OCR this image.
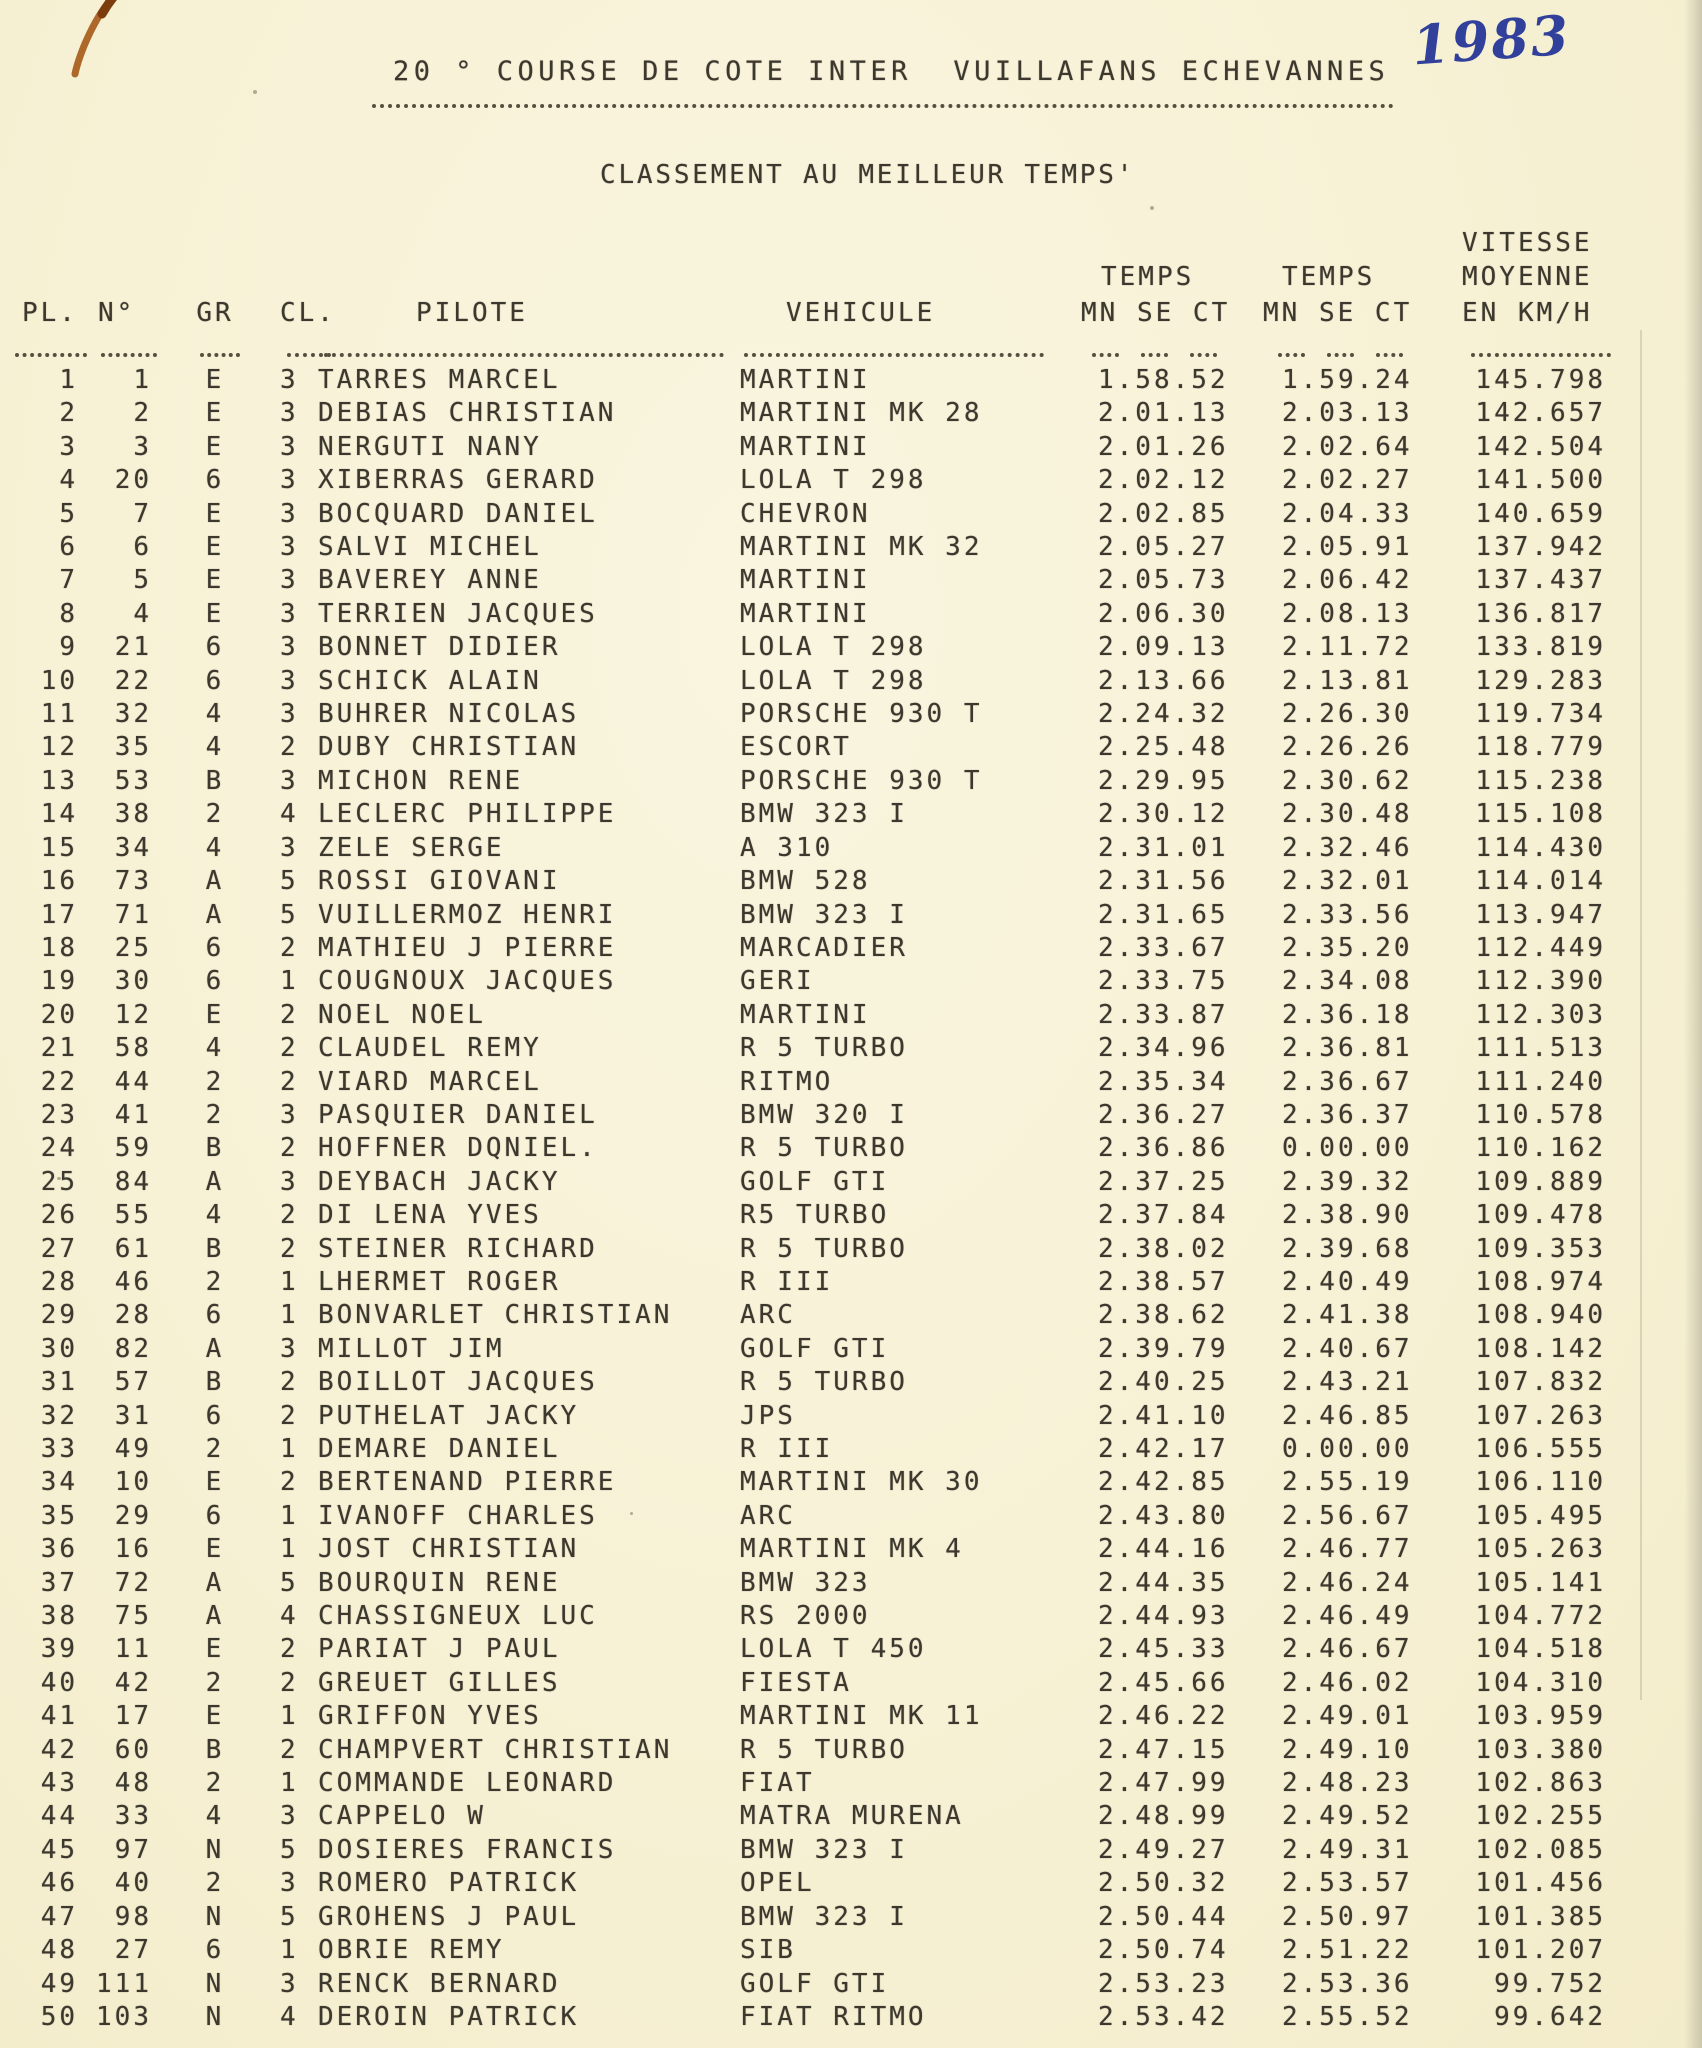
1983
20 ° COURSE DE COTE INTER  VUILLAFANS ECHEVANNES
CLASSEMENT AU MEILLEUR TEMPS'
								VITESSE
						TEMPS	TEMPS	MOYENNE
PL.	N°	GR	CL.	PILOTE	VEHICULE	MN SE CT	MN SE CT	EN KM/H

1	1	E	3	TARRES MARCEL	MARTINI	1.58.52	1.59.24	145.798
2	2	E	3	DEBIAS CHRISTIAN	MARTINI MK 28	2.01.13	2.03.13	142.657
3	3	E	3	NERGUTI NANY	MARTINI	2.01.26	2.02.64	142.504
4	20	6	3	XIBERRAS GERARD	LOLA T 298	2.02.12	2.02.27	141.500
5	7	E	3	BOCQUARD DANIEL	CHEVRON	2.02.85	2.04.33	140.659
6	6	E	3	SALVI MICHEL	MARTINI MK 32	2.05.27	2.05.91	137.942
7	5	E	3	BAVEREY ANNE	MARTINI	2.05.73	2.06.42	137.437
8	4	E	3	TERRIEN JACQUES	MARTINI	2.06.30	2.08.13	136.817
9	21	6	3	BONNET DIDIER	LOLA T 298	2.09.13	2.11.72	133.819
10	22	6	3	SCHICK ALAIN	LOLA T 298	2.13.66	2.13.81	129.283
11	32	4	3	BUHRER NICOLAS	PORSCHE 930 T	2.24.32	2.26.30	119.734
12	35	4	2	DUBY CHRISTIAN	ESCORT	2.25.48	2.26.26	118.779
13	53	B	3	MICHON RENE	PORSCHE 930 T	2.29.95	2.30.62	115.238
14	38	2	4	LECLERC PHILIPPE	BMW 323 I	2.30.12	2.30.48	115.108
15	34	4	3	ZELE SERGE	A 310	2.31.01	2.32.46	114.430
16	73	A	5	ROSSI GIOVANI	BMW 528	2.31.56	2.32.01	114.014
17	71	A	5	VUILLERMOZ HENRI	BMW 323 I	2.31.65	2.33.56	113.947
18	25	6	2	MATHIEU J PIERRE	MARCADIER	2.33.67	2.35.20	112.449
19	30	6	1	COUGNOUX JACQUES	GERI	2.33.75	2.34.08	112.390
20	12	E	2	NOEL NOEL	MARTINI	2.33.87	2.36.18	112.303
21	58	4	2	CLAUDEL REMY	R 5 TURBO	2.34.96	2.36.81	111.513
22	44	2	2	VIARD MARCEL	RITMO	2.35.34	2.36.67	111.240
23	41	2	3	PASQUIER DANIEL	BMW 320 I	2.36.27	2.36.37	110.578
24	59	B	2	HOFFNER DQNIEL.	R 5 TURBO	2.36.86	0.00.00	110.162
25	84	A	3	DEYBACH JACKY	GOLF GTI	2.37.25	2.39.32	109.889
26	55	4	2	DI LENA YVES	R5 TURBO	2.37.84	2.38.90	109.478
27	61	B	2	STEINER RICHARD	R 5 TURBO	2.38.02	2.39.68	109.353
28	46	2	1	LHERMET ROGER	R III	2.38.57	2.40.49	108.974
29	28	6	1	BONVARLET CHRISTIAN	ARC	2.38.62	2.41.38	108.940
30	82	A	3	MILLOT JIM	GOLF GTI	2.39.79	2.40.67	108.142
31	57	B	2	BOILLOT JACQUES	R 5 TURBO	2.40.25	2.43.21	107.832
32	31	6	2	PUTHELAT JACKY	JPS	2.41.10	2.46.85	107.263
33	49	2	1	DEMARE DANIEL	R III	2.42.17	0.00.00	106.555
34	10	E	2	BERTENAND PIERRE	MARTINI MK 30	2.42.85	2.55.19	106.110
35	29	6	1	IVANOFF CHARLES	ARC	2.43.80	2.56.67	105.495
36	16	E	1	JOST CHRISTIAN	MARTINI MK 4	2.44.16	2.46.77	105.263
37	72	A	5	BOURQUIN RENE	BMW 323	2.44.35	2.46.24	105.141
38	75	A	4	CHASSIGNEUX LUC	RS 2000	2.44.93	2.46.49	104.772
39	11	E	2	PARIAT J PAUL	LOLA T 450	2.45.33	2.46.67	104.518
40	42	2	2	GREUET GILLES	FIESTA	2.45.66	2.46.02	104.310
41	17	E	1	GRIFFON YVES	MARTINI MK 11	2.46.22	2.49.01	103.959
42	60	B	2	CHAMPVERT CHRISTIAN	R 5 TURBO	2.47.15	2.49.10	103.380
43	48	2	1	COMMANDE LEONARD	FIAT	2.47.99	2.48.23	102.863
44	33	4	3	CAPPELO W	MATRA MURENA	2.48.99	2.49.52	102.255
45	97	N	5	DOSIERES FRANCIS	BMW 323 I	2.49.27	2.49.31	102.085
46	40	2	3	ROMERO PATRICK	OPEL	2.50.32	2.53.57	101.456
47	98	N	5	GROHENS J PAUL	BMW 323 I	2.50.44	2.50.97	101.385
48	27	6	1	OBRIE REMY	SIB	2.50.74	2.51.22	101.207
49	111	N	3	RENCK BERNARD	GOLF GTI	2.53.23	2.53.36	99.752
50	103	N	4	DEROIN PATRICK	FIAT RITMO	2.53.42	2.55.52	99.642
